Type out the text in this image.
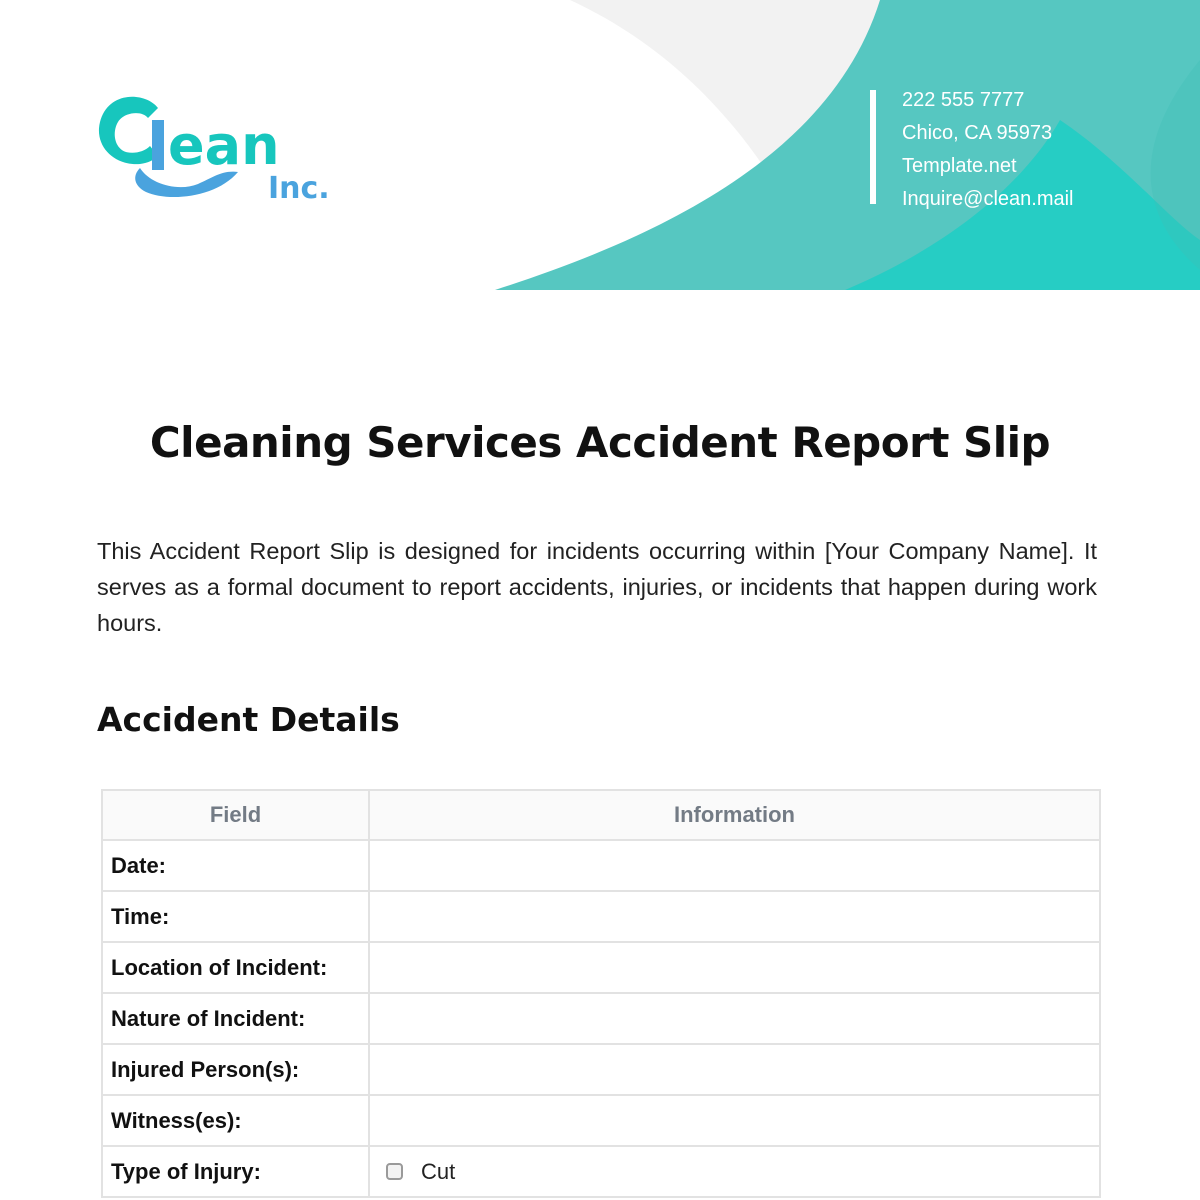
ean
Inc.
222 555 7777
Chico, CA 95973
Template.net
Inquire@clean.mail
Cleaning Services Accident Report Slip

This Accident Report Slip is designed for incidents occurring within [Your Company Name]. It serves as a formal document to report accidents, injuries, or incidents that happen during work hours.

Accident Details
Field	Information
Date:	
Time:	
Location of Incident:	
Nature of Incident:	
Injured Person(s):	
Witness(es):	
Type of Injury:	Cut
